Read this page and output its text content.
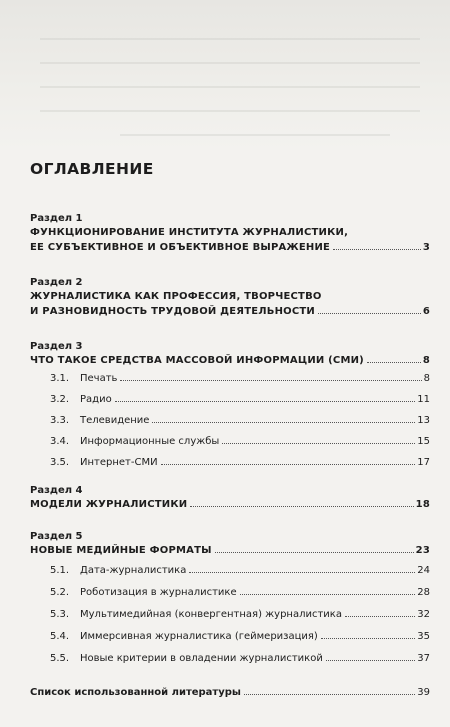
ОГЛАВЛЕНИЕ
Раздел 1
ФУНКЦИОНИРОВАНИЕ ИНСТИТУТА ЖУРНАЛИСТИКИ,
ЕЕ СУБЪЕКТИВНОЕ И ОБЪЕКТИВНОЕ ВЫРАЖЕНИЕ	3
Раздел 2
ЖУРНАЛИСТИКА КАК ПРОФЕССИЯ, ТВОРЧЕСТВО
И РАЗНОВИДНОСТЬ ТРУДОВОЙ ДЕЯТЕЛЬНОСТИ	6
Раздел 3
ЧТО ТАКОЕ СРЕДСТВА МАССОВОЙ ИНФОРМАЦИИ (СМИ)	8
3.1.	Печать	8
3.2.	Радио	11
3.3.	Телевидение	13
3.4.	Информационные службы	15
3.5.	Интернет-СМИ	17
Раздел 4
МОДЕЛИ ЖУРНАЛИСТИКИ	18
Раздел 5
НОВЫЕ МЕДИЙНЫЕ ФОРМАТЫ	23
5.1.	Дата-журналистика	24
5.2.	Роботизация в журналистике	28
5.3.	Мультимедийная (конвергентная) журналистика	32
5.4.	Иммерсивная журналистика (геймеризация)	35
5.5.	Новые критерии в овладении журналистикой	37
Список использованной литературы	39
